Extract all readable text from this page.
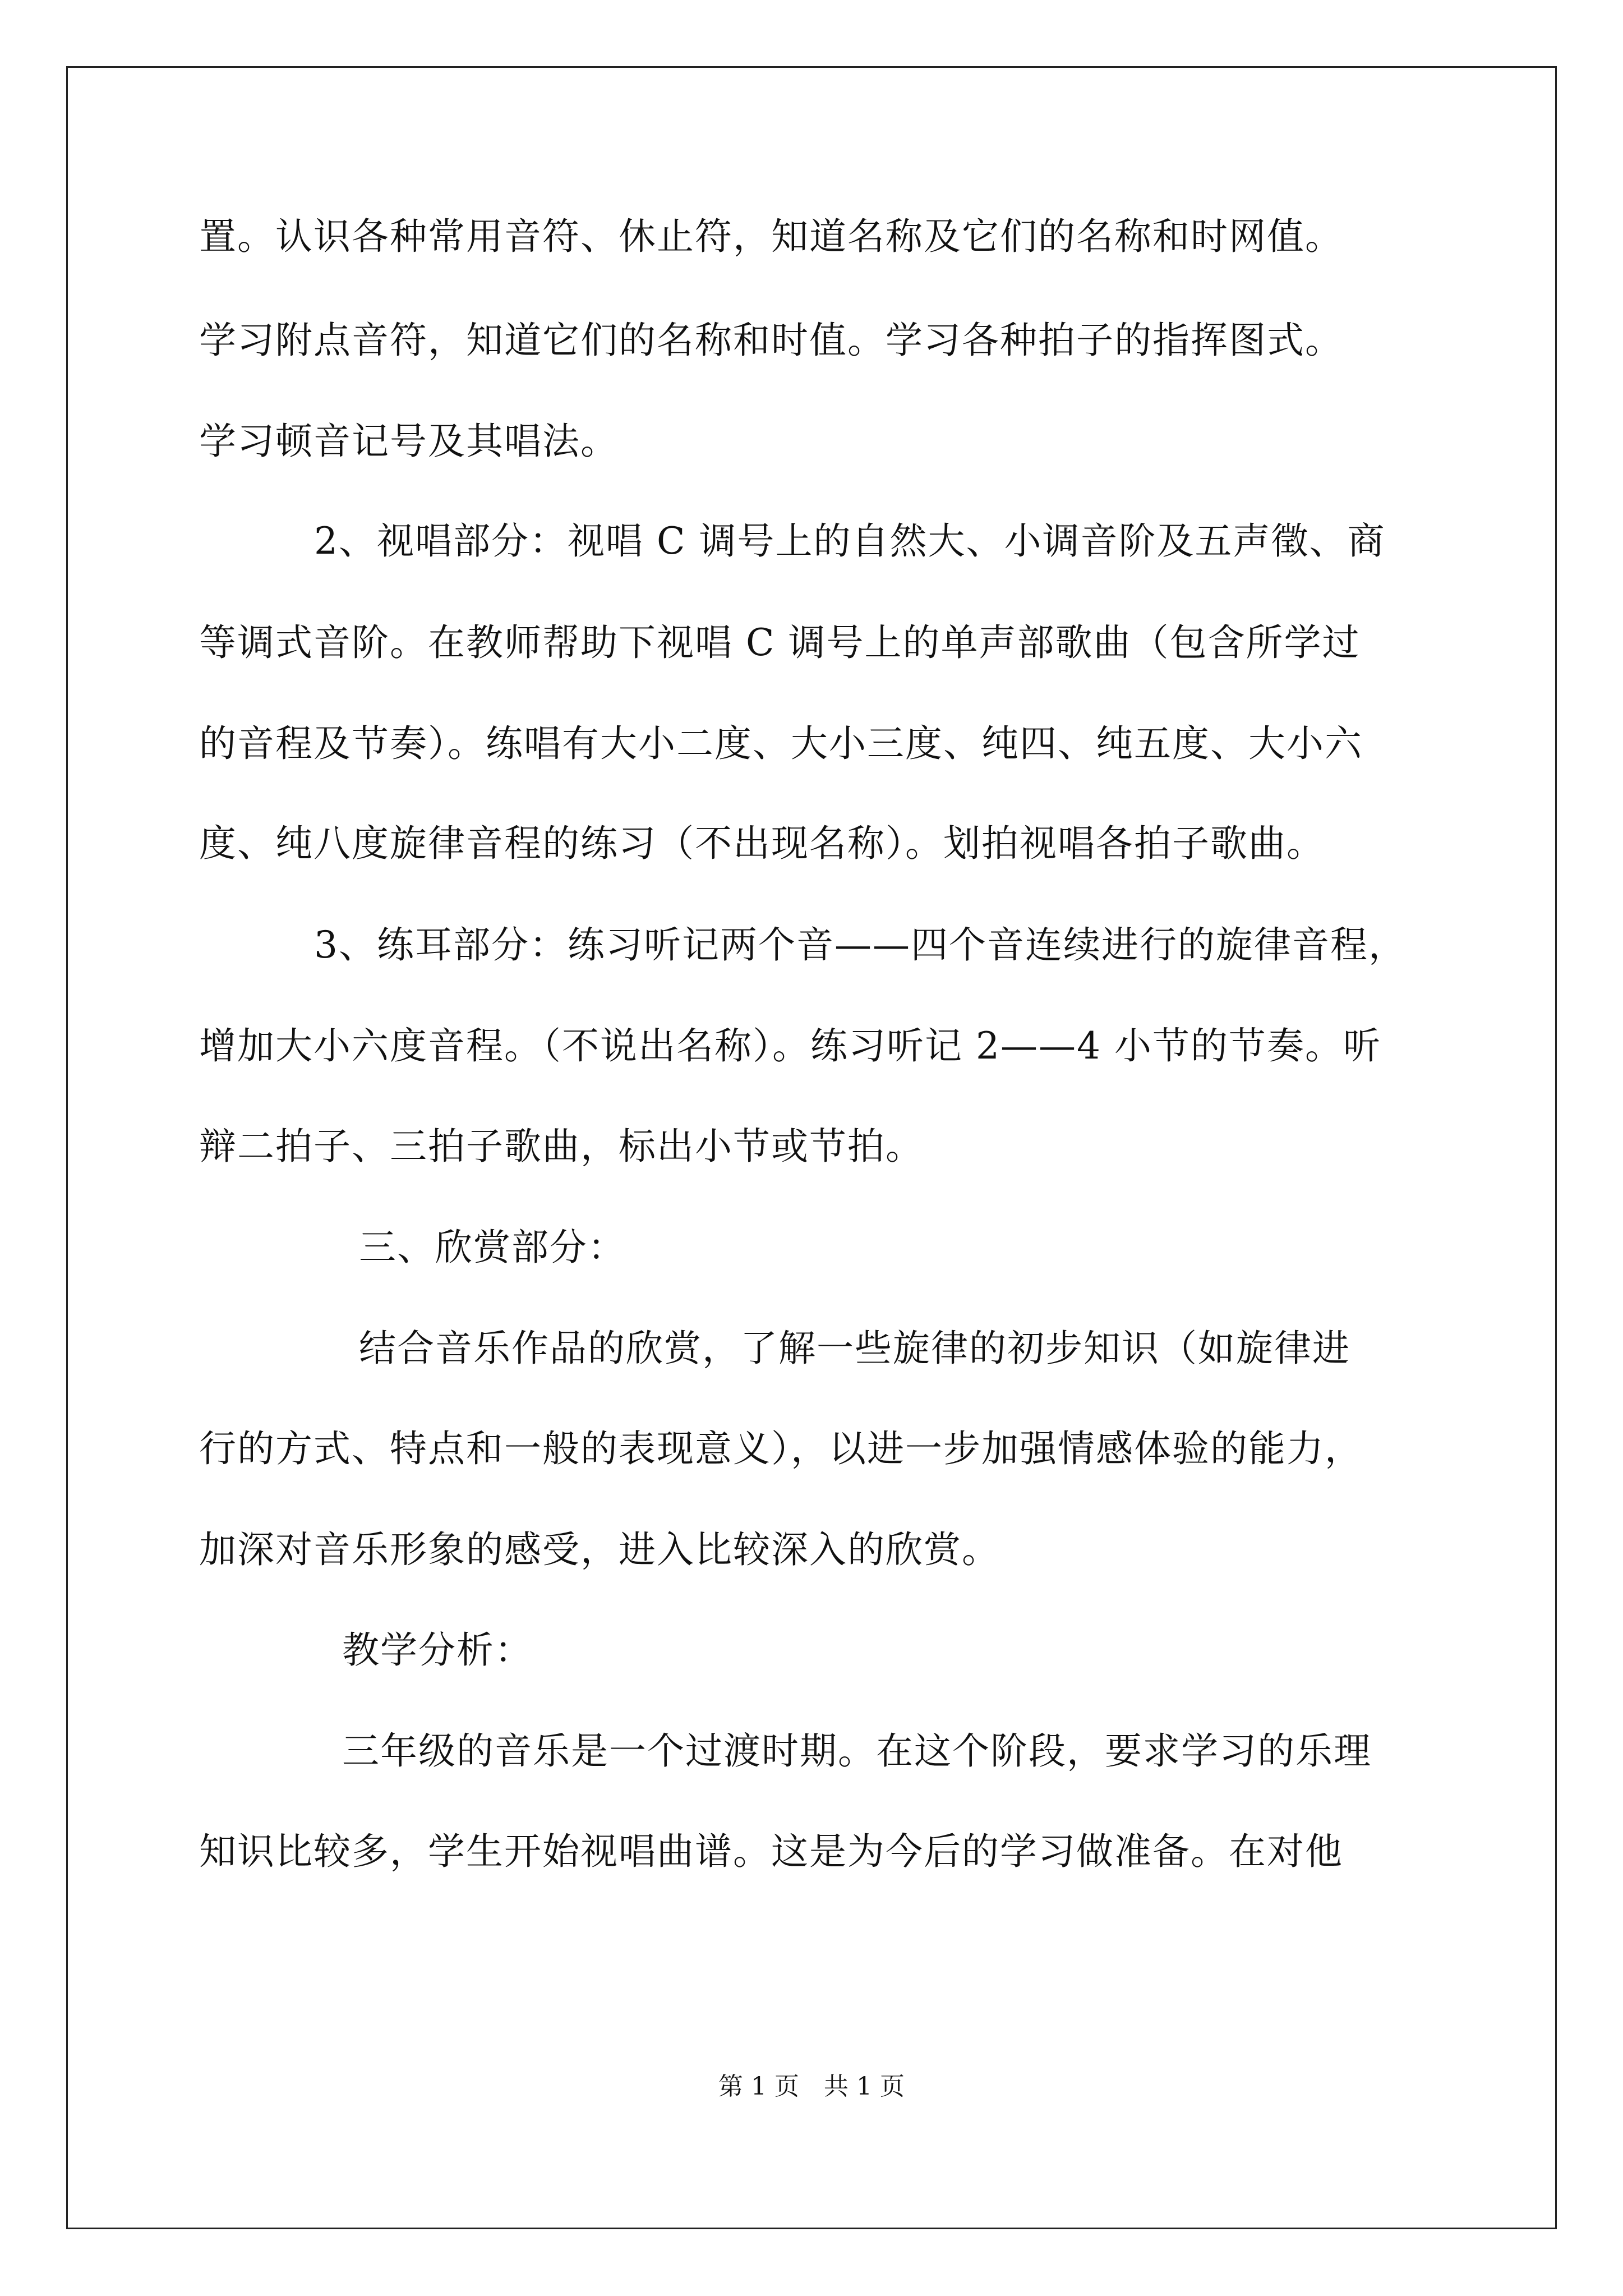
置。认识各种常用音符、休止符，知道名称及它们的名称和时网值。
学习附点音符，知道它们的名称和时值。学习各种拍子的指挥图式。
学习顿音记号及其唱法。
2、视唱部分：视唱 C 调号上的自然大、小调音阶及五声徵、商
等调式音阶。在教师帮助下视唱 C 调号上的单声部歌曲（包含所学过
的音程及节奏）。练唱有大小二度、大小三度、纯四、纯五度、大小六
度、纯八度旋律音程的练习（不出现名称）。划拍视唱各拍子歌曲。
3、练耳部分：练习听记两个音——四个音连续进行的旋律音程，
增加大小六度音程。（不说出名称）。练习听记 2——4 小节的节奏。听
辩二拍子、三拍子歌曲，标出小节或节拍。
三、欣赏部分：
结合音乐作品的欣赏，了解一些旋律的初步知识（如旋律进
行的方式、特点和一般的表现意义），以进一步加强情感体验的能力，
加深对音乐形象的感受，进入比较深入的欣赏。
教学分析：
三年级的音乐是一个过渡时期。在这个阶段，要求学习的乐理
知识比较多，学生开始视唱曲谱。这是为今后的学习做准备。在对他
第 1 页　共 1 页
